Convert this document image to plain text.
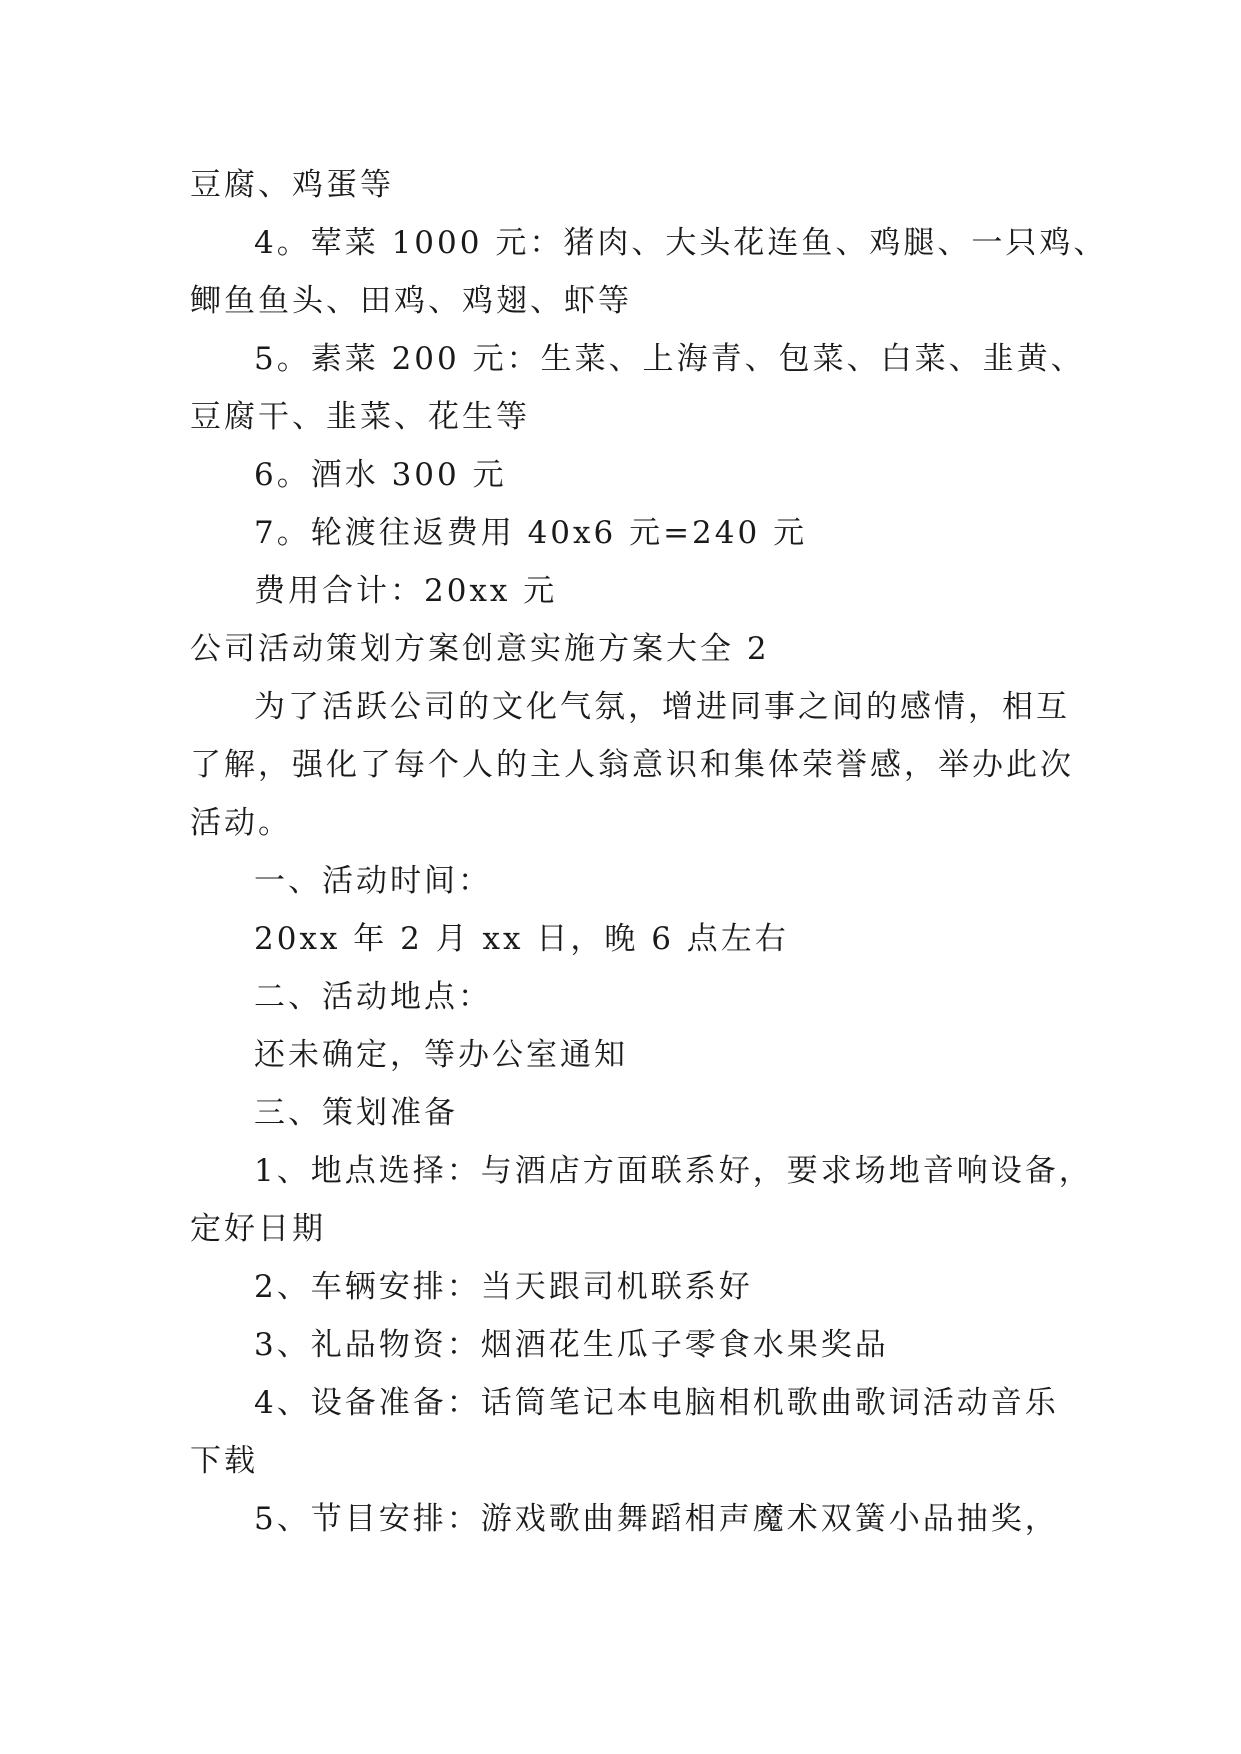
豆腐、鸡蛋等
4。荤菜 1000 元：猪肉、大头花连鱼、鸡腿、一只鸡、
鲫鱼鱼头、田鸡、鸡翅、虾等
5。素菜 200 元：生菜、上海青、包菜、白菜、韭黄、
豆腐干、韭菜、花生等
6。酒水 300 元
7。轮渡往返费用 40x6 元=240 元
费用合计：20xx 元
公司活动策划方案创意实施方案大全 2
为了活跃公司的文化气氛，增进同事之间的感情，相互
了解，强化了每个人的主人翁意识和集体荣誉感，举办此次
活动。
一、活动时间：
20xx 年 2 月 xx 日，晚 6 点左右
二、活动地点：
还未确定，等办公室通知
三、策划准备
1、地点选择：与酒店方面联系好，要求场地音响设备，
定好日期
2、车辆安排：当天跟司机联系好
3、礼品物资：烟酒花生瓜子零食水果奖品
4、设备准备：话筒笔记本电脑相机歌曲歌词活动音乐
下载
5、节目安排：游戏歌曲舞蹈相声魔术双簧小品抽奖，
